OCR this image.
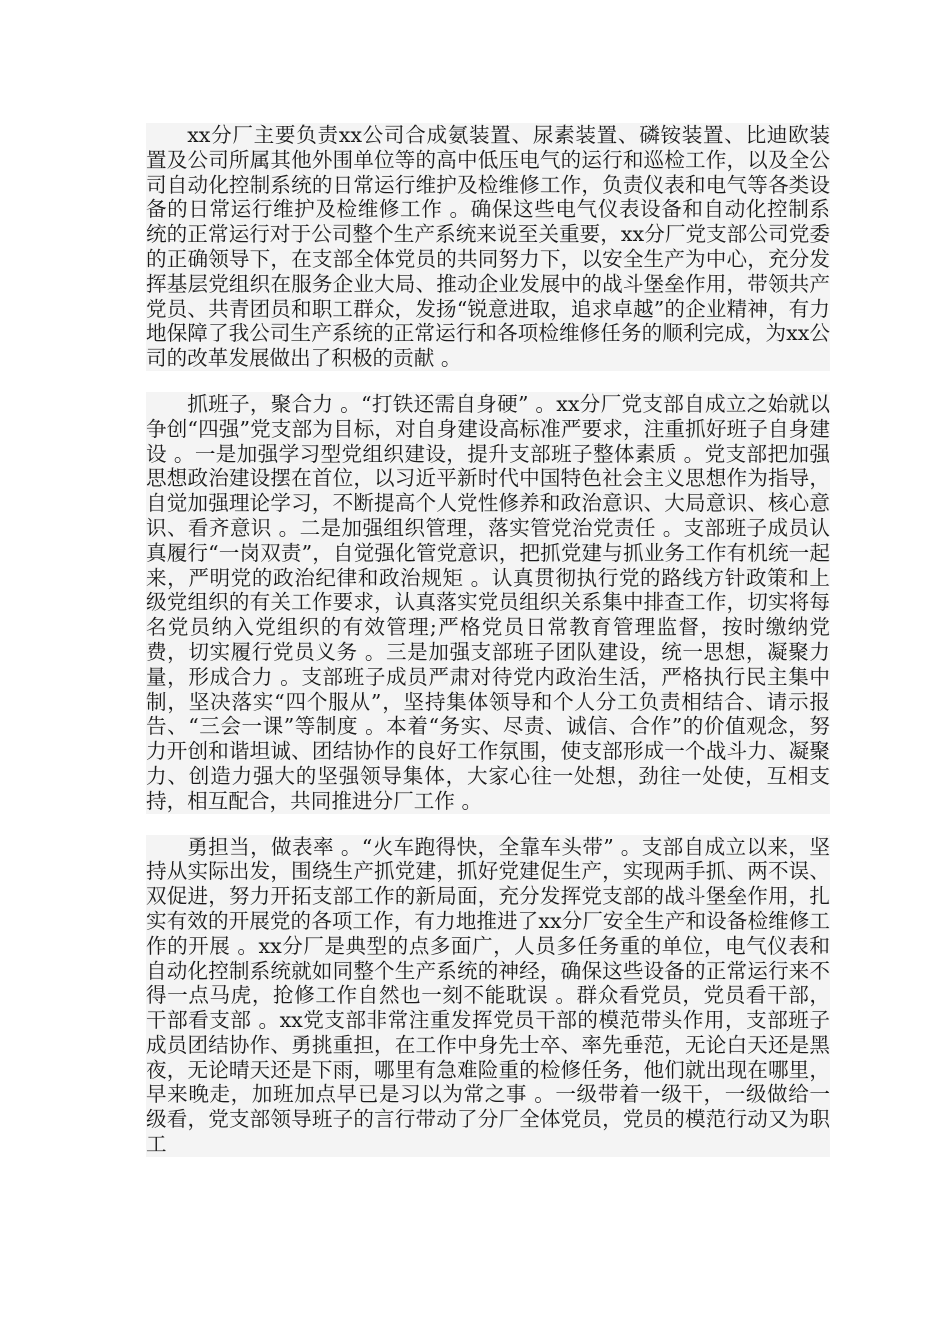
xx分厂主要负责xx公司合成氨装置、尿素装置、磷铵装置、比迪欧装置及公司所属其他外围单位等的高中低压电气的运行和巡检工作，以及全公司自动化控制系统的日常运行维护及检维修工作，负责仪表和电气等各类设备的日常运行维护及检维修工作 。确保这些电气仪表设备和自动化控制系统的正常运行对于公司整个生产系统来说至关重要，xx分厂党支部公司党委的正确领导下，在支部全体党员的共同努力下，以安全生产为中心，充分发挥基层党组织在服务企业大局、推动企业发展中的战斗堡垒作用，带领共产党员、共青团员和职工群众，发扬“锐意进取，追求卓越”的企业精神，有力地保障了我公司生产系统的正常运行和各项检维修任务的顺利完成，为xx公司的改革发展做出了积极的贡献 。

抓班子，聚合力 。“打铁还需自身硬” 。xx分厂党支部自成立之始就以争创“四强”党支部为目标，对自身建设高标准严要求，注重抓好班子自身建设 。一是加强学习型党组织建设，提升支部班子整体素质 。党支部把加强思想政治建设摆在首位，以习近平新时代中国特色社会主义思想作为指导，自觉加强理论学习，不断提高个人党性修养和政治意识、大局意识、核心意识、看齐意识 。二是加强组织管理，落实管党治党责任 。支部班子成员认真履行“一岗双责”，自觉强化管党意识，把抓党建与抓业务工作有机统一起来，严明党的政治纪律和政治规矩 。认真贯彻执行党的路线方针政策和上级党组织的有关工作要求，认真落实党员组织关系集中排查工作，切实将每名党员纳入党组织的有效管理;严格党员日常教育管理监督，按时缴纳党费，切实履行党员义务 。三是加强支部班子团队建设，统一思想，凝聚力量，形成合力 。支部班子成员严肃对待党内政治生活，严格执行民主集中制，坚决落实“四个服从”，坚持集体领导和个人分工负责相结合、请示报告、“三会一课”等制度 。本着“务实、尽责、诚信、合作”的价值观念，努力开创和谐坦诚、团结协作的良好工作氛围，使支部形成一个战斗力、凝聚力、创造力强大的坚强领导集体，大家心往一处想，劲往一处使，互相支持，相互配合，共同推进分厂工作 。

勇担当，做表率 。“火车跑得快，全靠车头带” 。支部自成立以来，坚持从实际出发，围绕生产抓党建，抓好党建促生产，实现两手抓、两不误、双促进，努力开拓支部工作的新局面，充分发挥党支部的战斗堡垒作用，扎实有效的开展党的各项工作，有力地推进了xx分厂安全生产和设备检维修工作的开展 。xx分厂是典型的点多面广，人员多任务重的单位，电气仪表和自动化控制系统就如同整个生产系统的神经，确保这些设备的正常运行来不得一点马虎，抢修工作自然也一刻不能耽误 。群众看党员，党员看干部，干部看支部 。xx党支部非常注重发挥党员干部的模范带头作用，支部班子成员团结协作、勇挑重担，在工作中身先士卒、率先垂范，无论白天还是黑夜，无论晴天还是下雨，哪里有急难险重的检修任务，他们就出现在哪里，早来晚走，加班加点早已是习以为常之事 。一级带着一级干，一级做给一级看，党支部领导班子的言行带动了分厂全体党员，党员的模范行动又为职工
